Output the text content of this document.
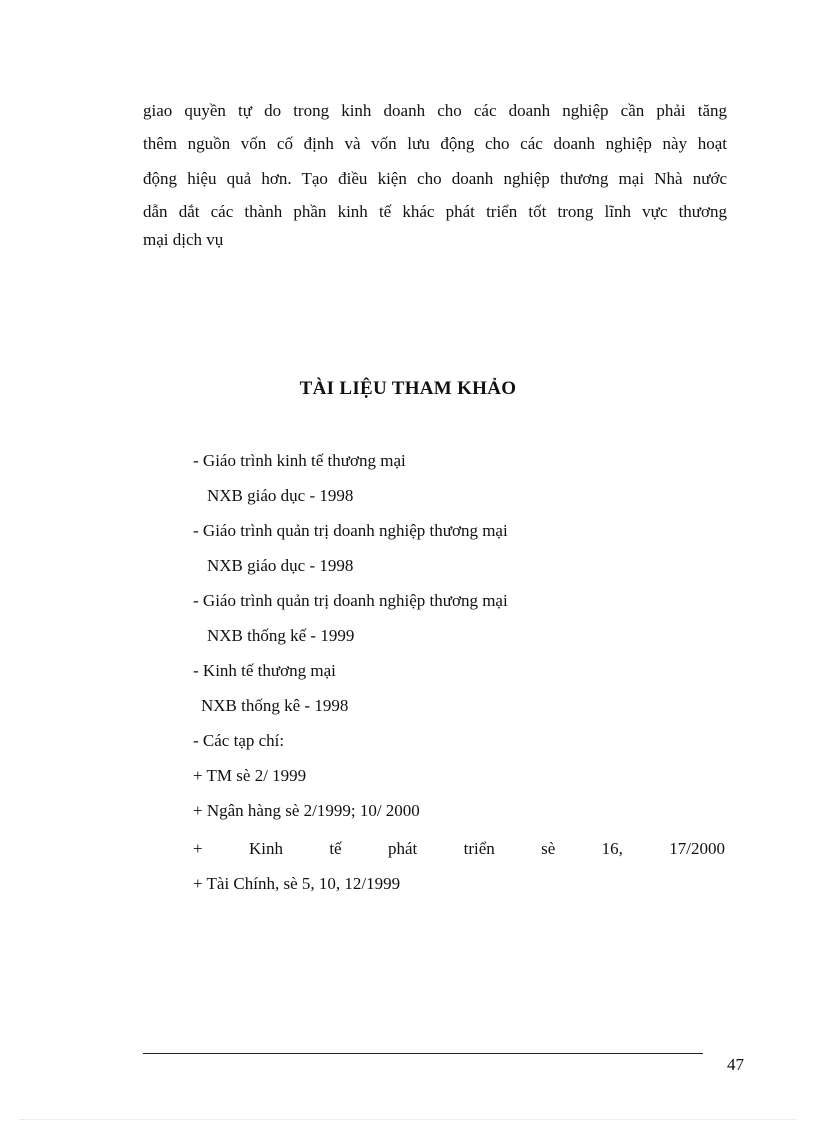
giao quyền tự do trong kinh doanh cho các doanh nghiệp cần phải tăng
thêm nguồn vốn cố định và vốn lưu động cho các doanh nghiệp này hoạt
động hiệu quả hơn. Tạo điều kiện cho doanh nghiệp thương mại Nhà nước
dẫn dắt các thành phần kinh tế khác phát triển tốt trong lĩnh vực thương
mại dịch vụ
TÀI LIỆU THAM KHẢO
- Giáo trình kinh tế thương mại
NXB giáo dục - 1998
- Giáo trình quản trị doanh nghiệp thương mại
NXB giáo dục - 1998
- Giáo trình quản trị doanh nghiệp thương mại
NXB thống kế - 1999
- Kinh tế thương mại
NXB thống kê - 1998
- Các tạp chí:
+ TM sè 2/ 1999
+ Ngân hàng sè 2/1999; 10/ 2000
+	Kinh	tế	phát	triển	sè	16,	17/2000
+ Tài Chính, sè 5, 10, 12/1999
47
